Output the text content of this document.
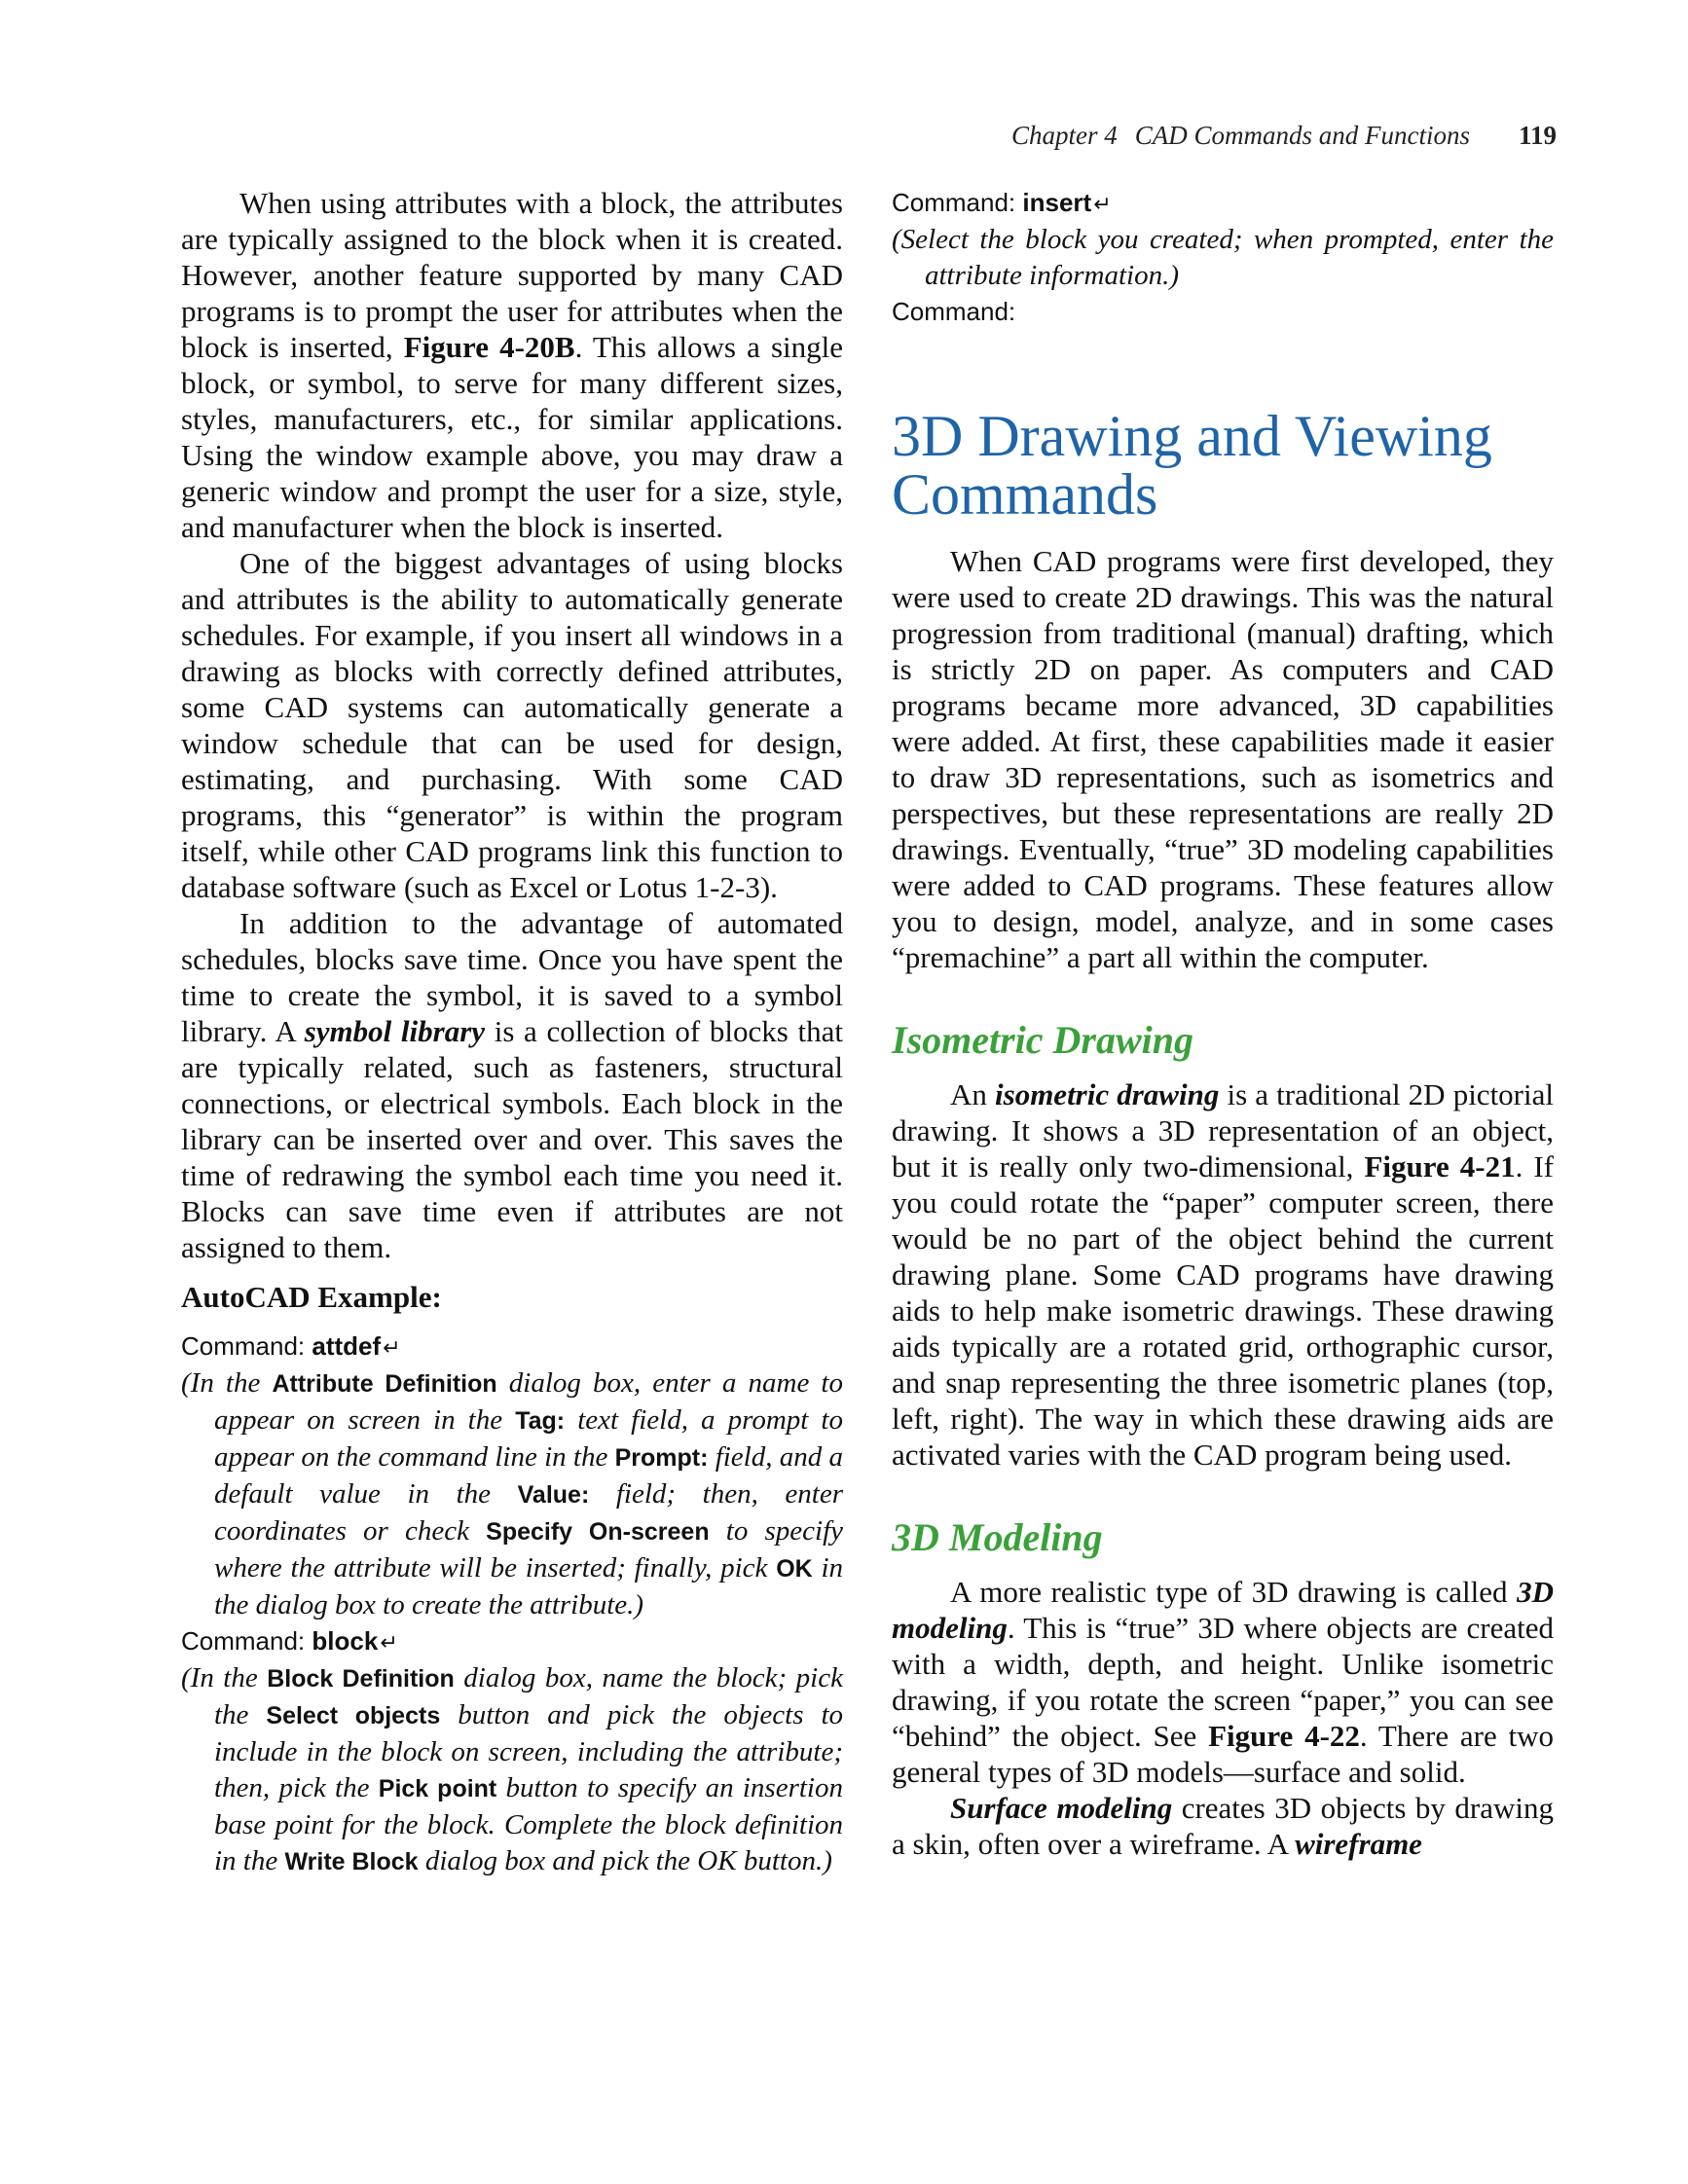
Chapter 4 CAD Commands and Functions 119

When using attributes with a block, the attributes are typically assigned to the block when it is created. However, another feature supported by many CAD programs is to prompt the user for attributes when the block is inserted, Figure 4-20B. This allows a single block, or symbol, to serve for many different sizes, styles, manufacturers, etc., for similar applications. Using the window example above, you may draw a generic window and prompt the user for a size, style, and manufacturer when the block is inserted.

One of the biggest advantages of using blocks and attributes is the ability to automatically generate schedules. For example, if you insert all windows in a drawing as blocks with correctly defined attributes, some CAD systems can automatically generate a window schedule that can be used for design, estimating, and purchasing. With some CAD programs, this “generator” is within the program itself, while other CAD programs link this function to database software (such as Excel or Lotus 1-2-3).

In addition to the advantage of automated schedules, blocks save time. Once you have spent the time to create the symbol, it is saved to a symbol library. A symbol library is a collection of blocks that are typically related, such as fasteners, structural connections, or electrical symbols. Each block in the library can be inserted over and over. This saves the time of redrawing the symbol each time you need it. Blocks can save time even if attributes are not assigned to them.

AutoCAD Example:

Command: attdef↵

(In the Attribute Definition dialog box, enter a name to appear on screen in the Tag: text field, a prompt to appear on the command line in the Prompt: field, and a default value in the Value: field; then, enter coordinates or check Specify On-screen to specify where the attribute will be inserted; finally, pick OK in the dialog box to create the attribute.)

Command: block↵

(In the Block Definition dialog box, name the block; pick the Select objects button and pick the objects to include in the block on screen, including the attribute; then, pick the Pick point button to specify an insertion base point for the block. Complete the block definition in the Write Block dialog box and pick the OK button.)

Command: insert↵

(Select the block you created; when prompted, enter the attribute information.)

Command:

3D Drawing and Viewing Commands

When CAD programs were first developed, they were used to create 2D drawings. This was the natural progression from traditional (manual) drafting, which is strictly 2D on paper. As computers and CAD programs became more advanced, 3D capabilities were added. At first, these capabilities made it easier to draw 3D representations, such as isometrics and perspectives, but these representations are really 2D drawings. Eventually, “true” 3D modeling capabilities were added to CAD programs. These features allow you to design, model, analyze, and in some cases “premachine” a part all within the computer.

Isometric Drawing

An isometric drawing is a traditional 2D pictorial drawing. It shows a 3D representation of an object, but it is really only two-dimensional, Figure 4-21. If you could rotate the “paper” computer screen, there would be no part of the object behind the current drawing plane. Some CAD programs have drawing aids to help make isometric drawings. These drawing aids typically are a rotated grid, orthographic cursor, and snap representing the three isometric planes (top, left, right). The way in which these drawing aids are activated varies with the CAD program being used.

3D Modeling

A more realistic type of 3D drawing is called 3D modeling. This is “true” 3D where objects are created with a width, depth, and height. Unlike isometric drawing, if you rotate the screen “paper,” you can see “behind” the object. See Figure 4-22. There are two general types of 3D models—surface and solid.

Surface modeling creates 3D objects by drawing a skin, often over a wireframe. A wireframe
